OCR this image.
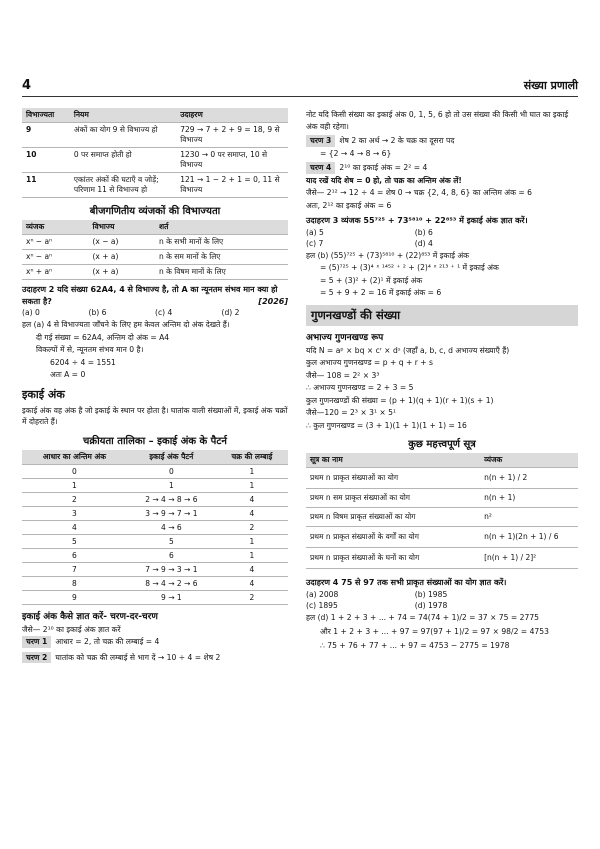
4	संख्या प्रणाली
विभाज्यता	नियम	उदाहरण
9	अंकों का योग 9 से विभाज्य हो	729 → 7 + 2 + 9 = 18, 9 से विभाज्य
10	0 पर समाप्त होती हो	1230 → 0 पर समाप्त, 10 से विभाज्य
11	एकांतर अंकों की घटाएँ व जोड़ें; परिणाम 11 से विभाज्य हो	121 → 1 − 2 + 1 = 0, 11 से विभाज्य
बीजगणितीय व्यंजकों की विभाज्यता
व्यंजक	विभाज्य	शर्त
xⁿ − aⁿ	(x − a)	n के सभी मानों के लिए
xⁿ − aⁿ	(x + a)	n के सम मानों के लिए
xⁿ + aⁿ	(x + a)	n के विषम मानों के लिए
उदाहरण 2 यदि संख्या 62A4, 4 से विभाज्य है, तो A का न्यूनतम संभव मान क्या हो सकता है?	[2026]
(a) 0	(b) 6	(c) 4	(d) 2
हल (a) 4 से विभाज्यता जाँचने के लिए हम केवल अन्तिम दो अंक देखते हैं।
दी गई संख्या = 62A4, अन्तिम दो अंक = A4
विकल्पों में से, न्यूनतम संभव मान 0 है।
6204 ÷ 4 = 1551
अतः A = 0
इकाई अंक
इकाई अंक वह अंक है जो इकाई के स्थान पर होता है। घातांक वाली संख्याओं में, इकाई अंक चक्रों में दोहराते हैं।
चक्रीयता तालिका – इकाई अंक के पैटर्न
आधार का अन्तिम अंक	इकाई अंक पैटर्न	चक्र की लम्बाई
0	0	1
1	1	1
2	2 → 4 → 8 → 6	4
3	3 → 9 → 7 → 1	4
4	4 → 6	2
5	5	1
6	6	1
7	7 → 9 → 3 → 1	4
8	8 → 4 → 2 → 6	4
9	9 → 1	2
इकाई अंक कैसे ज्ञात करें- चरण-दर-चरण
जैसे— 2¹⁰ का इकाई अंक ज्ञात करें
चरण 1 आधार = 2, तो चक्र की लम्बाई = 4
चरण 2 घातांक को चक्र की लम्बाई से भाग दें → 10 ÷ 4 = शेष 2
नोट यदि किसी संख्या का इकाई अंक 0, 1, 5, 6 हो तो उस संख्या की किसी भी घात का इकाई अंक वही रहेगा।
चरण 3 शेष 2 का अर्थ → 2 के चक्र का दूसरा पद
= {2 → 4 → 8 → 6}
चरण 4 2¹⁰ का इकाई अंक = 2² = 4
याद रखें यदि शेष = 0 हो, तो चक्र का अन्तिम अंक लें!
जैसे— 2¹² → 12 ÷ 4 = शेष 0 → चक्र {2, 4, 8, 6} का अन्तिम अंक = 6
अतः, 2¹² का इकाई अंक = 6
उदाहरण 3 व्यंजक 55⁷²⁵ + 73⁵⁸¹⁰ + 22⁸⁵³ में इकाई अंक ज्ञात करें।
(a) 5	(b) 6
(c) 7	(d) 4
हल (b) (55)⁷²⁵ + (73)⁵⁸¹⁰ + (22)⁸⁵³ में इकाई अंक
= (5)⁷²⁵ + (3)⁴ ˣ ¹⁴⁵² ⁺ ² + (2)⁴ ˣ ²¹³ ⁺ ¹ में इकाई अंक
= 5 + (3)² + (2)¹ में इकाई अंक
= 5 + 9 + 2 = 16 में इकाई अंक = 6
गुणनखण्डों की संख्या
अभाज्य गुणनखण्ड रूप
यदि N = aᵖ × bq × cʳ × dˢ (जहाँ a, b, c, d अभाज्य संख्याएँ हैं)
कुल अभाज्य गुणनखण्ड = p + q + r + s
जैसे— 108 = 2² × 3³
∴ अभाज्य गुणनखण्ड = 2 + 3 = 5
कुल गुणनखण्डों की संख्या = (p + 1)(q + 1)(r + 1)(s + 1)
जैसे—120 = 2³ × 3¹ × 5¹
∴ कुल गुणनखण्ड = (3 + 1)(1 + 1)(1 + 1) = 16
कुछ महत्त्वपूर्ण सूत्र
सूत्र का नाम	व्यंजक
प्रथम n प्राकृत संख्याओं का योग	n(n + 1) / 2
प्रथम n सम प्राकृत संख्याओं का योग	n(n + 1)
प्रथम n विषम प्राकृत संख्याओं का योग	n²
प्रथम n प्राकृत संख्याओं के वर्गों का योग	n(n + 1)(2n + 1) / 6
प्रथम n प्राकृत संख्याओं के घनों का योग	[n(n + 1) / 2]²
उदाहरण 4 75 से 97 तक सभी प्राकृत संख्याओं का योग ज्ञात करें।
(a) 2008	(b) 1985
(c) 1895	(d) 1978
हल (d) 1 + 2 + 3 + ... + 74 = 74(74 + 1)/2 = 37 × 75 = 2775
और 1 + 2 + 3 + ... + 97 = 97(97 + 1)/2 = 97 × 98/2 = 4753
∴ 75 + 76 + 77 + ... + 97 = 4753 − 2775 = 1978
